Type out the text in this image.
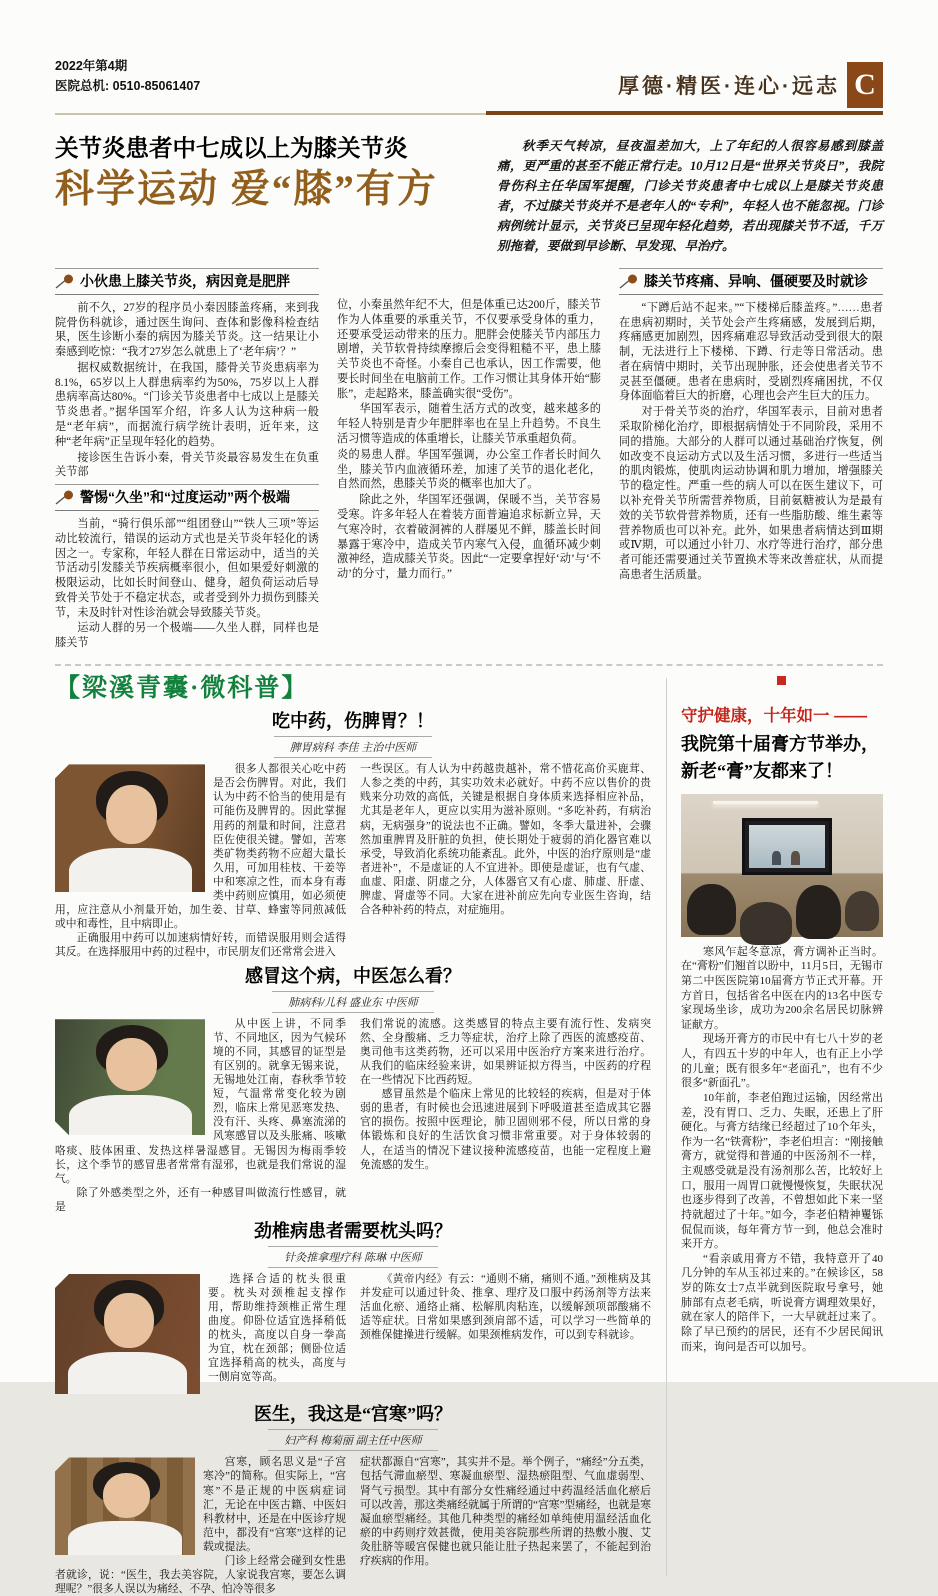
2022年第4期
医院总机: 0510-85061407	厚德·精医·连心·远志 C
关节炎患者中七成以上为膝关节炎
科学运动 爱“膝”有方

秋季天气转凉，昼夜温差加大，上了年纪的人很容易感到膝盖痛，更严重的甚至不能正常行走。10月12日是“世界关节炎日”，我院骨伤科主任华国军提醒，门诊关节炎患者中七成以上是膝关节炎患者，不过膝关节炎并不是老年人的“专利”，年轻人也不能忽视。门诊病例统计显示，关节炎已呈现年轻化趋势，若出现膝关节不适，千万别拖着，要做到早诊断、早发现、早治疗。

小伙患上膝关节炎，病因竟是肥胖

前不久，27岁的程序员小秦因膝盖疼痛，来到我院骨伤科就诊，通过医生询问、查体和影像科检查结果，医生诊断小秦的病因为膝关节炎。这一结果让小秦感到吃惊：“我才27岁怎么就患上了‘老年病’？”

据权威数据统计，在我国，膝骨关节炎患病率为8.1%，65岁以上人群患病率约为50%，75岁以上人群患病率高达80%。“门诊关节炎患者中七成以上是膝关节炎患者。”据华国军介绍，许多人认为这种病一般是“老年病”，而据流行病学统计表明，近年来，这种“老年病”正呈现年轻化的趋势。

接诊医生告诉小秦，骨关节炎最容易发生在负重关节部

警惕“久坐”和“过度运动”两个极端

当前，“骑行俱乐部”“组团登山”“铁人三项”等运动比较流行，错误的运动方式也是关节炎年轻化的诱因之一。专家称，年轻人群在日常运动中，适当的关节活动引发膝关节疾病概率很小，但如果爱好刺激的极限运动，比如长时间登山、健身，超负荷运动后导致骨关节处于不稳定状态，或者受到外力损伤到膝关节，未及时针对性诊治就会导致膝关节炎。

运动人群的另一个极端——久坐人群，同样也是膝关节

位，小秦虽然年纪不大，但是体重已达200斤，膝关节作为人体重要的承重关节，不仅要承受身体的重力，还要承受运动带来的压力。肥胖会使膝关节内部压力剧增，关节软骨持续摩擦后会变得粗糙不平，患上膝关节炎也不奇怪。小秦自己也承认，因工作需要，他要长时间坐在电脑前工作。工作习惯让其身体开始“膨胀”，走起路来，膝盖确实很“受伤”。

华国军表示，随着生活方式的改变，越来越多的年轻人特别是青少年肥胖率也在呈上升趋势。不良生活习惯等造成的体重增长，让膝关节承重超负荷。

炎的易患人群。华国军强调，办公室工作者长时间久坐，膝关节内血液循环差，加速了关节的退化老化，自然而然，患膝关节炎的概率也加大了。

除此之外，华国军还强调，保暖不当，关节容易受寒。许多年轻人在着装方面普遍追求标新立异，天气寒冷时，衣着破洞裤的人群屡见不鲜，膝盖长时间暴露于寒冷中，造成关节内寒气入侵，血循环减少刺激神经，造成膝关节炎。因此“一定要拿捏好‘动’与‘不动’的分寸，量力而行。”

膝关节疼痛、异响、僵硬要及时就诊

“下蹲后站不起来。”“下楼梯后膝盖疼。”……患者在患病初期时，关节处会产生疼痛感，发展到后期，疼痛感更加剧烈，因疼痛难忍导致活动受到很大的限制，无法进行上下楼梯、下蹲、行走等日常活动。患者在病情中期时，关节出现肿胀，还会使患者关节不灵甚至僵硬。患者在患病时，受剧烈疼痛困扰，不仅身体面临着巨大的折磨，心理也会产生巨大的压力。

对于骨关节炎的治疗，华国军表示，目前对患者采取阶梯化治疗，即根据病情处于不同阶段，采用不同的措施。大部分的人群可以通过基础治疗恢复，例如改变不良运动方式以及生活习惯，多进行一些适当的肌肉锻炼，使肌肉运动协调和肌力增加，增强膝关节的稳定性。严重一些的病人可以在医生建议下，可以补充骨关节所需营养物质，目前氨糖被认为是最有效的关节软骨营养物质，还有一些脂肪酸、维生素等营养物质也可以补充。此外，如果患者病情达到Ⅲ期或Ⅳ期，可以通过小针刀、水疗等进行治疗，部分患者可能还需要通过关节置换术等来改善症状，从而提高患者生活质量。

【梁溪青囊·微科普】
吃中药，伤脾胃？！
脾胃病科 李佳 主治中医师

很多人都很关心吃中药是否会伤脾胃。对此，我们认为中药不恰当的使用是有可能伤及脾胃的。因此掌握用药的剂量和时间，注意君臣佐使很关键。譬如，苦寒类矿物类药物不应超大量长久用，可加用桂枝、干姜等中和寒凉之性，而本身有毒类中药则应慎用，如必须使用，应注意从小剂量开始，加生姜、甘草、蜂蜜等同煎减低或中和毒性，且中病即止。

正确服用中药可以加速病情好转，而错误服用则会适得其反。在选择服用中药的过程中，市民朋友们还常常会进入

一些误区。有人认为中药越贵越补，常不惜花高价买鹿茸、人参之类的中药，其实功效未必就好。中药不应以售价的贵贱来分功效的高低，关键是根据自身体质来选择相应补品，尤其是老年人，更应以实用为滋补原则。“多吃补药，有病治病，无病强身”的说法也不正确。譬如，冬季大量进补，会骤然加重脾胃及肝脏的负担，使长期处于疲弱的消化器官难以承受，导致消化系统功能紊乱。此外，中医的治疗原则是“虚者进补”，不是虚证的人不宜进补。即使是虚证，也有气虚、血虚、阳虚、阴虚之分，人体器官又有心虚、肺虚、肝虚、脾虚、肾虚等不同。大家在进补前应先向专业医生咨询，结合各种补药的特点，对症施用。

感冒这个病，中医怎么看？
肺病科/儿科 盛业东 中医师

从中医上讲，不同季节、不同地区，因为气候环境的不同，其感冒的证型是有区别的。就拿无锡来说，无锡地处江南，春秋季节较短，气温常常变化较为剧烈，临床上常见恶寒发热、没有汗、头疼、鼻塞流涕的风寒感冒以及头胀痛、咳嗽咯痰、肢体困重、发热这样暑湿感冒。无锡因为梅雨季较长，这个季节的感冒患者常常有湿邪，也就是我们常说的湿气。

除了外感类型之外，还有一种感冒叫做流行性感冒，就是

我们常说的流感。这类感冒的特点主要有流行性、发病突然、全身酸痛、乏力等症状，治疗上除了西医的流感疫苗、奥司他韦这类药物，还可以采用中医治疗方案来进行治疗。从我们的临床经验来讲，如果辨证拟方得当，中医药的疗程在一些情况下比西药短。

感冒虽然是个临床上常见的比较轻的疾病，但是对于体弱的患者，有时候也会迅速进展到下呼吸道甚至造成其它器官的损伤。按照中医理论，肺卫固则邪不侵，所以日常的身体锻炼和良好的生活饮食习惯非常重要。对于身体较弱的人，在适当的情况下建议接种流感疫苗，也能一定程度上避免流感的发生。

劲椎病患者需要枕头吗？
针灸推拿理疗科 陈琳 中医师

选择合适的枕头很重要。枕头对颈椎起支撑作用，帮助维持颈椎正常生理曲度。仰卧位适宜选择稍低的枕头，高度以自身一拳高为宜，枕在颈部；侧卧位适宜选择稍高的枕头，高度与一侧肩宽等高。

《黄帝内经》有云：“通则不痛，痛则不通。”颈椎病及其并发症可以通过针灸、推拿、理疗及口服中药汤剂等方法来活血化瘀、通络止痛、松解肌肉粘连，以缓解颈项部酸痛不适等症状。日常如果感到颈肩部不适，可以学习一些简单的颈椎保健操进行缓解。如果颈椎病发作，可以到专科就诊。

医生，我这是“宫寒”吗？
妇产科 梅菊丽 副主任中医师

宫寒，顾名思义是“子宫寒冷”的简称。但实际上，“宫寒”不是正规的中医病症词汇，无论在中医古籍、中医妇科教材中，还是在中医诊疗规范中，都没有“宫寒”这样的记载或提法。

门诊上经常会碰到女性患者就诊，说：“医生，我去美容院，人家说我宫寒，要怎么调理呢？”很多人误以为痛经、不孕、怕冷等很多

症状都源自“宫寒”，其实并不是。举个例子，“痛经”分五类，包括气滞血瘀型、寒凝血瘀型、湿热瘀阻型、气血虚弱型、肾气亏损型。其中有部分女性痛经通过中药温经活血化瘀后可以改善，那这类痛经就属于所谓的“宫寒”型痛经，也就是寒凝血瘀型痛经。其他几种类型的痛经如单纯使用温经活血化瘀的中药则疗效甚微，使用美容院那些所谓的热敷小腹、艾灸肚脐等暖宫保健也就只能让肚子热起来罢了，不能起到治疗疾病的作用。

守护健康，十年如一 ——
我院第十届膏方节举办，新老“膏”友都来了！

寒风乍起冬意凉，膏方调补正当时。在“膏粉”们翘首以盼中，11月5日，无锡市第二中医医院第10届膏方节正式开幕。开方首日，包括省名中医在内的13名中医专家现场坐诊，成功为200余名居民切脉辨证献方。

现场开膏方的市民中有七八十岁的老人，有四五十岁的中年人，也有正上小学的儿童；既有很多年“老面孔”，也有不少很多“新面孔”。

10年前，李老伯跑过运输，因经常出差，没有胃口、乏力、失眠，还患上了肝硬化。与膏方结缘已经超过了10个年头，作为一名“铁膏粉”，李老伯坦言：“刚接触膏方，就觉得和普通的中医汤剂不一样，主观感受就是没有汤剂那么苦，比较好上口，服用一周胃口就慢慢恢复，失眠状况也逐步得到了改善，不曾想如此下来一坚持就超过了十年。”如今，李老伯精神矍铄侃侃而谈，每年膏方节一到，他总会准时来开方。

“看亲戚用膏方不错，我特意开了40几分钟的车从玉祁过来的。”在候诊区，58岁的陈女士7点半就到医院取号拿号，她肺部有点老毛病，听说膏方调理效果好，就在家人的陪伴下，一大早就赶过来了。除了早已预约的居民，还有不少居民闻讯而来，询问是否可以加号。
